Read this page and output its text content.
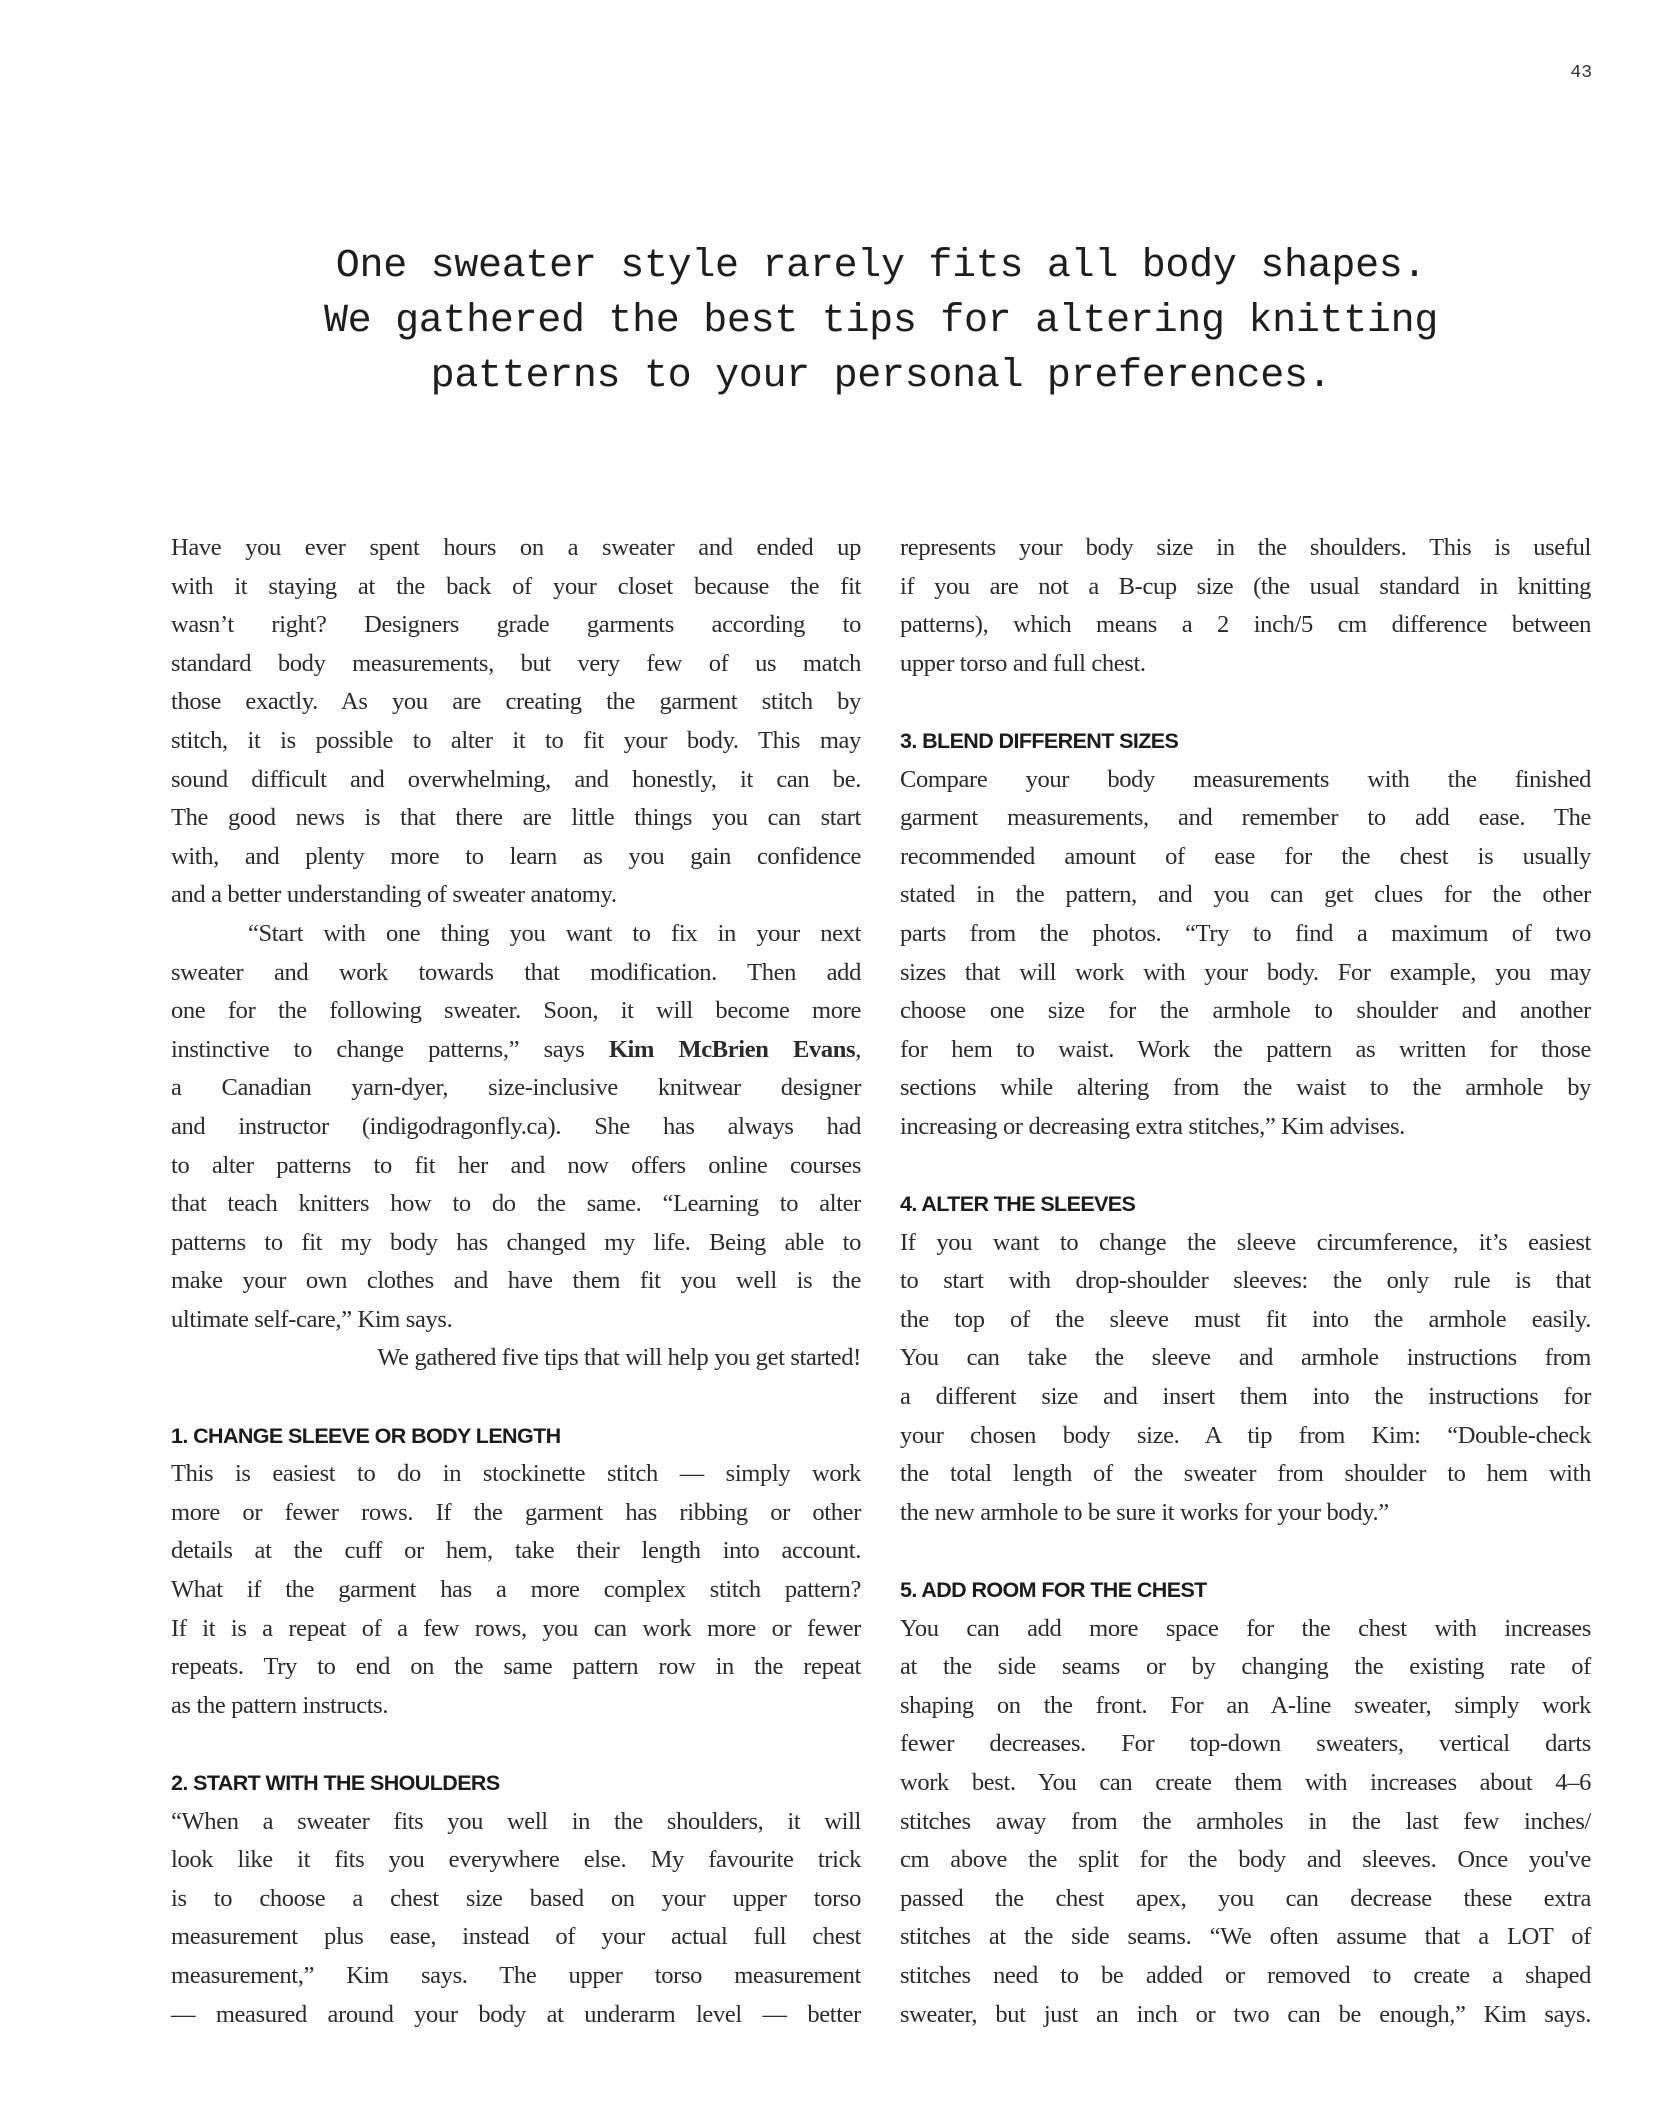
43
One sweater style rarely fits all body shapes.
We gathered the best tips for altering knitting
patterns to your personal preferences.
Have you ever spent hours on a sweater and ended up
with it staying at the back of your closet because the fit
wasn’t right? Designers grade garments according to
standard body measurements, but very few of us match
those exactly. As you are creating the garment stitch by
stitch, it is possible to alter it to fit your body. This may
sound difficult and overwhelming, and honestly, it can be.
The good news is that there are little things you can start
with, and plenty more to learn as you gain confidence
and a better understanding of sweater anatomy.
“Start with one thing you want to fix in your next
sweater and work towards that modification. Then add
one for the following sweater. Soon, it will become more
instinctive to change patterns,” says Kim McBrien Evans,
a Canadian yarn-dyer, size-inclusive knitwear designer
and instructor (indigodragonfly.ca). She has always had
to alter patterns to fit her and now offers online courses
that teach knitters how to do the same. “Learning to alter
patterns to fit my body has changed my life. Being able to
make your own clothes and have them fit you well is the
ultimate self-care,” Kim says.
We gathered five tips that will help you get started!
1. CHANGE SLEEVE OR BODY LENGTH
This is easiest to do in stockinette stitch — simply work
more or fewer rows. If the garment has ribbing or other
details at the cuff or hem, take their length into account.
What if the garment has a more complex stitch pattern?
If it is a repeat of a few rows, you can work more or fewer
repeats. Try to end on the same pattern row in the repeat
as the pattern instructs.
2. START WITH THE SHOULDERS
“When a sweater fits you well in the shoulders, it will
look like it fits you everywhere else. My favourite trick
is to choose a chest size based on your upper torso
measurement plus ease, instead of your actual full chest
measurement,” Kim says. The upper torso measurement
— measured around your body at underarm level — better
represents your body size in the shoulders. This is useful
if you are not a B-cup size (the usual standard in knitting
patterns), which means a 2 inch/5 cm difference between
upper torso and full chest.
3. BLEND DIFFERENT SIZES
Compare your body measurements with the finished
garment measurements, and remember to add ease. The
recommended amount of ease for the chest is usually
stated in the pattern, and you can get clues for the other
parts from the photos. “Try to find a maximum of two
sizes that will work with your body. For example, you may
choose one size for the armhole to shoulder and another
for hem to waist. Work the pattern as written for those
sections while altering from the waist to the armhole by
increasing or decreasing extra stitches,” Kim advises.
4. ALTER THE SLEEVES
If you want to change the sleeve circumference, it’s easiest
to start with drop-shoulder sleeves: the only rule is that
the top of the sleeve must fit into the armhole easily.
You can take the sleeve and armhole instructions from
a different size and insert them into the instructions for
your chosen body size. A tip from Kim: “Double-check
the total length of the sweater from shoulder to hem with
the new armhole to be sure it works for your body.”
5. ADD ROOM FOR THE CHEST
You can add more space for the chest with increases
at the side seams or by changing the existing rate of
shaping on the front. For an A-line sweater, simply work
fewer decreases. For top-down sweaters, vertical darts
work best. You can create them with increases about 4–6
stitches away from the armholes in the last few inches/
cm above the split for the body and sleeves. Once you've
passed the chest apex, you can decrease these extra
stitches at the side seams. “We often assume that a LOT of
stitches need to be added or removed to create a shaped
sweater, but just an inch or two can be enough,” Kim says.
